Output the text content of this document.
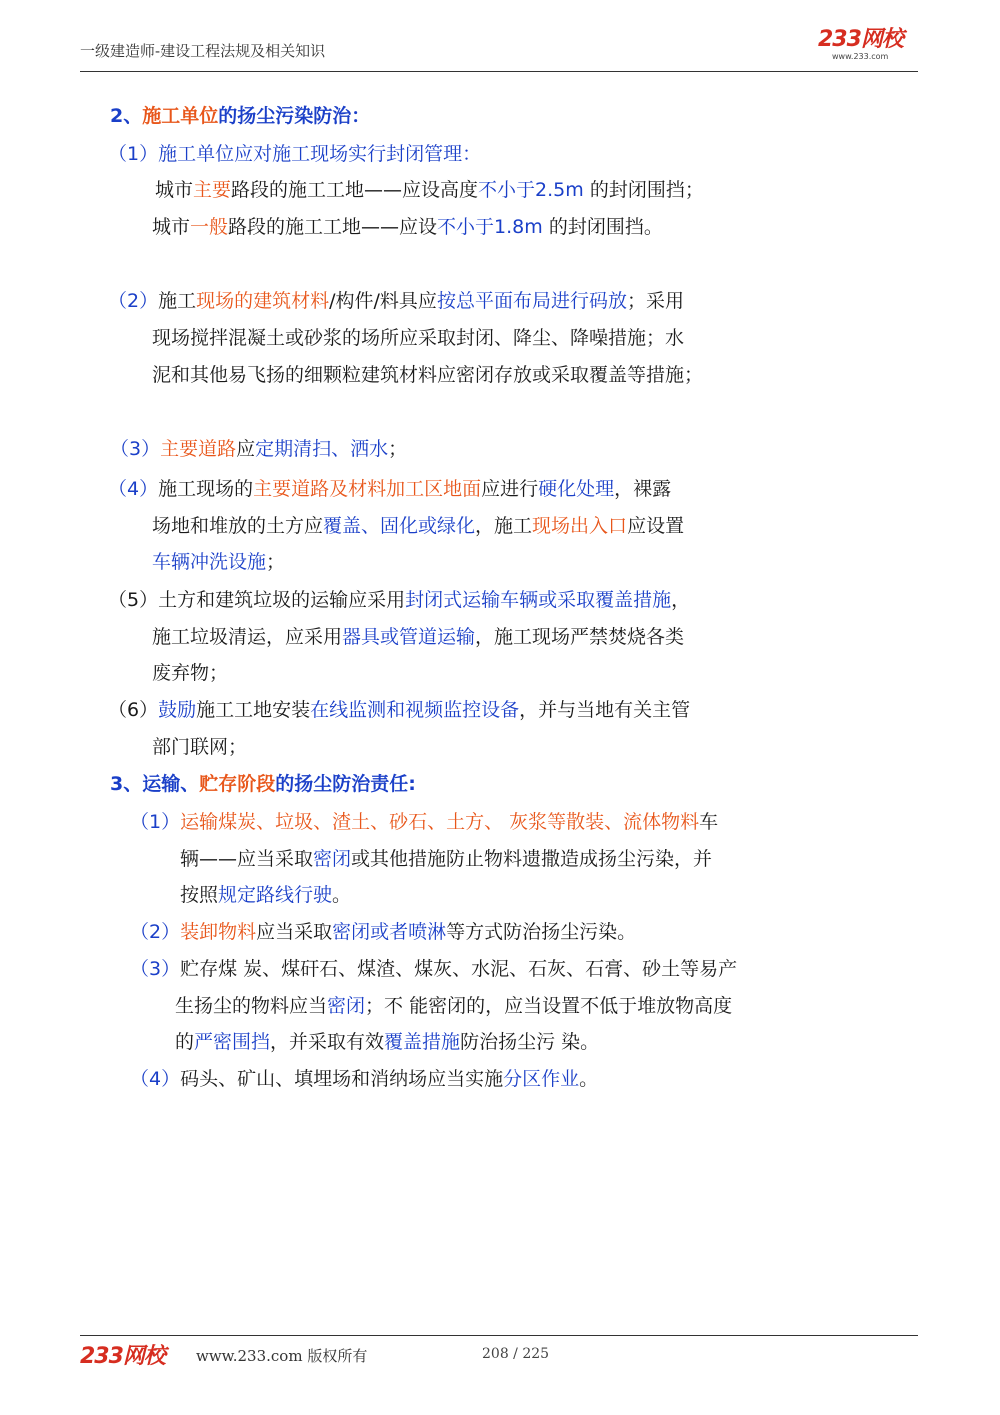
一级建造师-建设工程法规及相关知识	233网校
www.233.com
2、施工单位的扬尘污染防治：
（1）施工单位应对施工现场实行封闭管理：
城市主要路段的施工工地——应设高度不小于2.5m 的封闭围挡；
城市一般路段的施工工地——应设不小于1.8m 的封闭围挡。
（2）施工现场的建筑材料/构件/料具应按总平面布局进行码放；采用
现场搅拌混凝土或砂浆的场所应采取封闭、降尘、降噪措施；水
泥和其他易飞扬的细颗粒建筑材料应密闭存放或采取覆盖等措施；
（3）主要道路应定期清扫、洒水；
（4）施工现场的主要道路及材料加工区地面应进行硬化处理，裸露
场地和堆放的土方应覆盖、固化或绿化，施工现场出入口应设置
车辆冲洗设施；
（5）土方和建筑垃圾的运输应采用封闭式运输车辆或采取覆盖措施，
施工垃圾清运，应采用器具或管道运输，施工现场严禁焚烧各类
废弃物；
（6）鼓励施工工地安装在线监测和视频监控设备，并与当地有关主管
部门联网；
3、运输、贮存阶段的扬尘防治责任:
（1）运输煤炭、垃圾、渣土、砂石、土方、 灰浆等散装、流体物料车
辆——应当采取密闭或其他措施防止物料遗撒造成扬尘污染，并
按照规定路线行驶。
（2）装卸物料应当采取密闭或者喷淋等方式防治扬尘污染。
（3）贮存煤 炭、煤矸石、煤渣、煤灰、水泥、石灰、石膏、砂土等易产
生扬尘的物料应当密闭；不 能密闭的，应当设置不低于堆放物高度
的严密围挡，并采取有效覆盖措施防治扬尘污 染。
（4）码头、矿山、填埋场和消纳场应当实施分区作业。
233网校 www.233.com 版权所有	208 / 225
